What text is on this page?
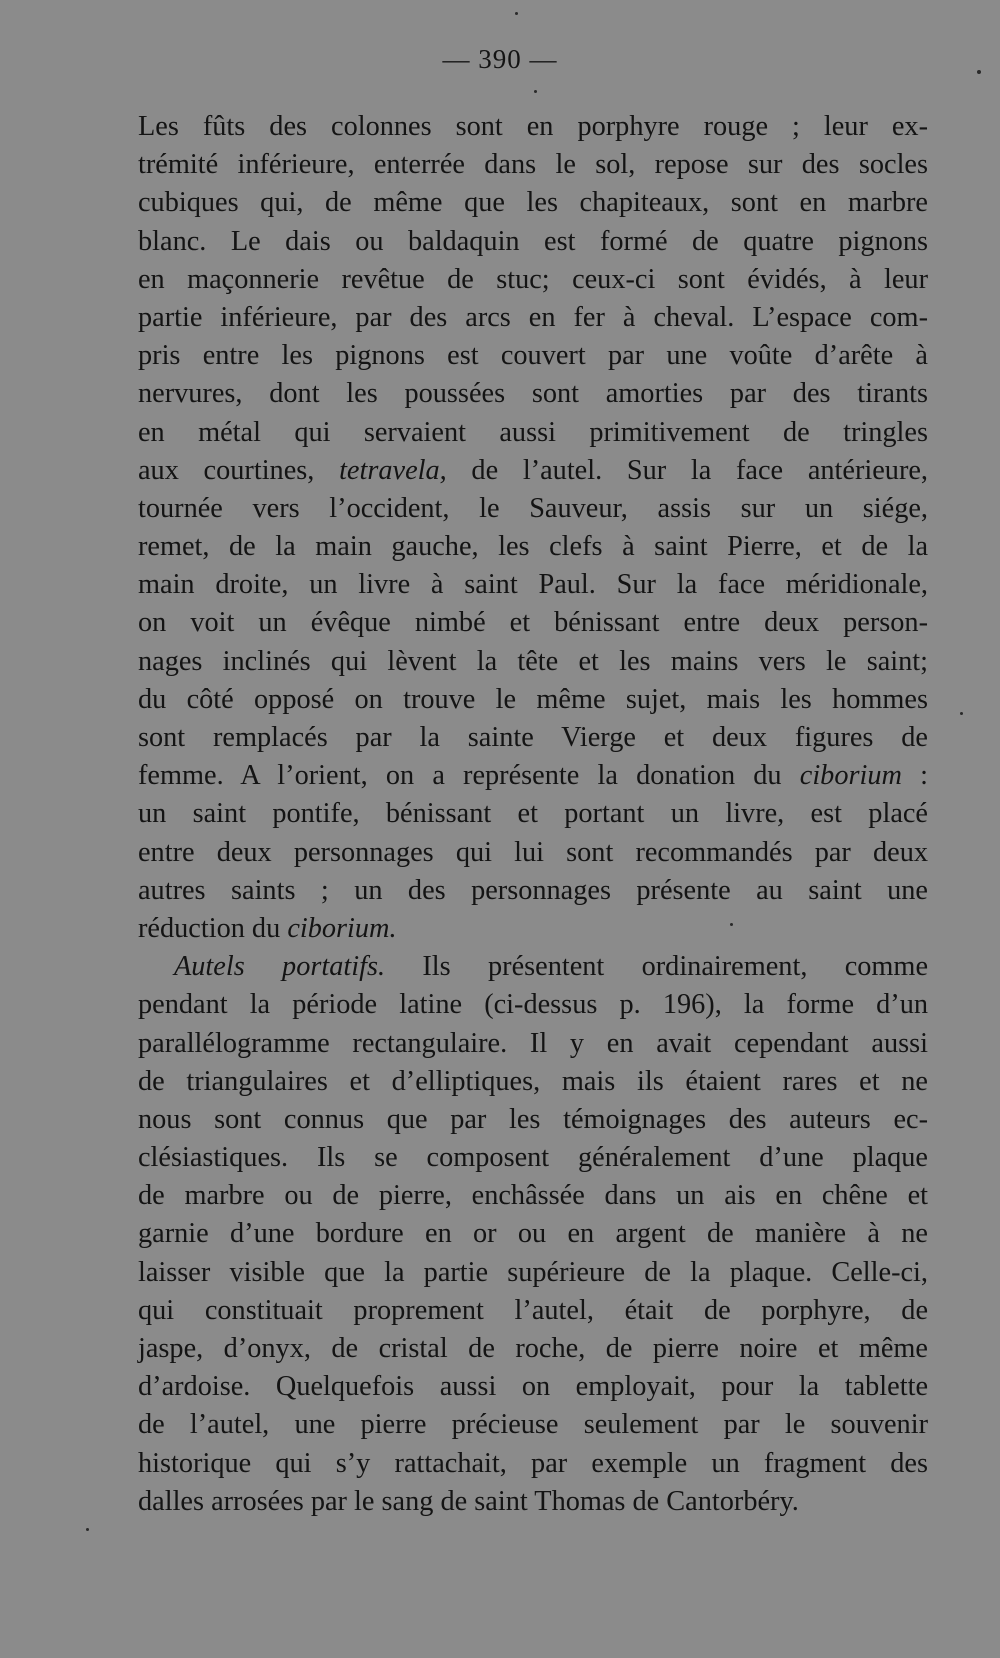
— 390 —
Les fûts des colonnes sont en porphyre rouge ; leur ex-
trémité inférieure, enterrée dans le sol, repose sur des socles
cubiques qui, de même que les chapiteaux, sont en marbre
blanc. Le dais ou baldaquin est formé de quatre pignons
en maçonnerie revêtue de stuc; ceux-ci sont évidés, à leur
partie inférieure, par des arcs en fer à cheval. L’espace com-
pris entre les pignons est couvert par une voûte d’arête à
nervures, dont les poussées sont amorties par des tirants
en métal qui servaient aussi primitivement de tringles
aux courtines, tetravela, de l’autel. Sur la face antérieure,
tournée vers l’occident, le Sauveur, assis sur un siége,
remet, de la main gauche, les clefs à saint Pierre, et de la
main droite, un livre à saint Paul. Sur la face méridionale,
on voit un évêque nimbé et bénissant entre deux person-
nages inclinés qui lèvent la tête et les mains vers le saint;
du côté opposé on trouve le même sujet, mais les hommes
sont remplacés par la sainte Vierge et deux figures de
femme. A l’orient, on a représente la donation du ciborium :
un saint pontife, bénissant et portant un livre, est placé
entre deux personnages qui lui sont recommandés par deux
autres saints ; un des personnages présente au saint une
réduction du ciborium.
Autels portatifs. Ils présentent ordinairement, comme
pendant la période latine (ci-dessus p. 196), la forme d’un
parallélogramme rectangulaire. Il y en avait cependant aussi
de triangulaires et d’elliptiques, mais ils étaient rares et ne
nous sont connus que par les témoignages des auteurs ec-
clésiastiques. Ils se composent généralement d’une plaque
de marbre ou de pierre, enchâssée dans un ais en chêne et
garnie d’une bordure en or ou en argent de manière à ne
laisser visible que la partie supérieure de la plaque. Celle-ci,
qui constituait proprement l’autel, était de porphyre, de
jaspe, d’onyx, de cristal de roche, de pierre noire et même
d’ardoise. Quelquefois aussi on employait, pour la tablette
de l’autel, une pierre précieuse seulement par le souvenir
historique qui s’y rattachait, par exemple un fragment des
dalles arrosées par le sang de saint Thomas de Cantorbéry.
